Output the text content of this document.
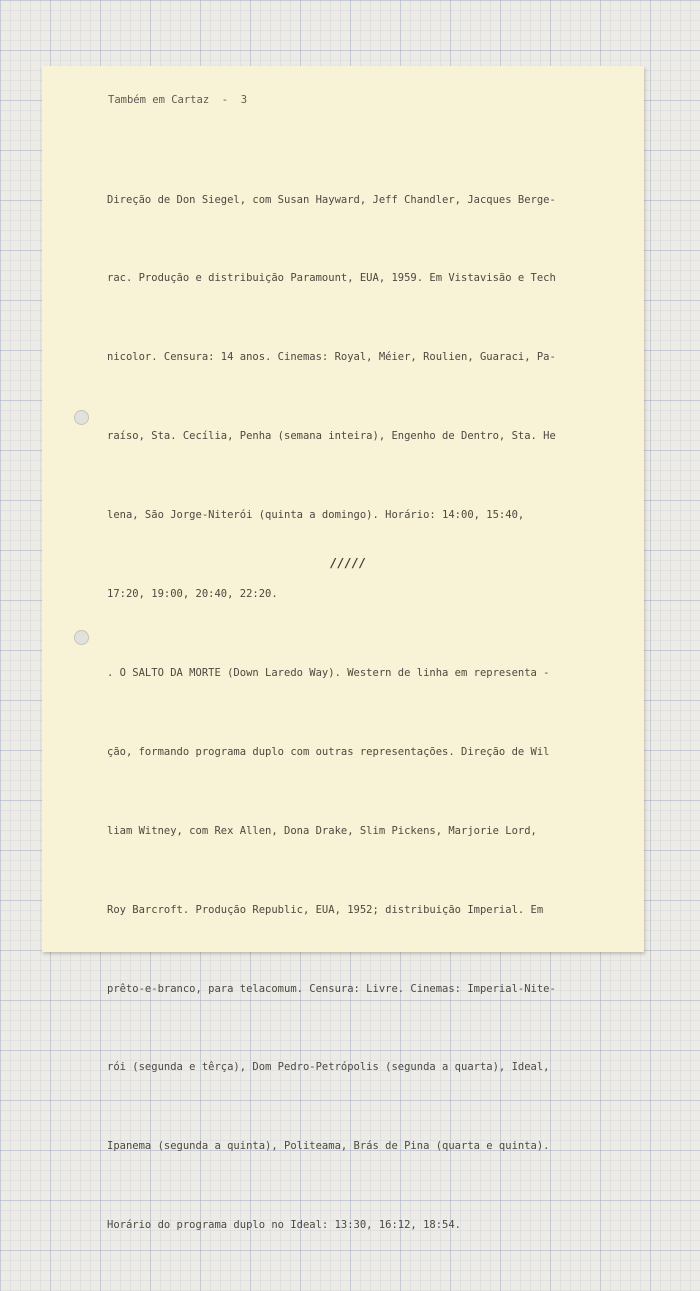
Também em Cartaz  -  3

Direção de Don Siegel, com Susan Hayward, Jeff Chandler, Jacques Berge-

rac. Produção e distribuição Paramount, EUA, 1959. Em Vistavisão e Tech

nicolor. Censura: 14 anos. Cinemas: Royal, Méier, Roulien, Guaraci, Pa-

raíso, Sta. Cecília, Penha (semana inteira), Engenho de Dentro, Sta. He

lena, São Jorge-Niterói (quinta a domingo). Horário: 14:00, 15:40,

17:20, 19:00, 20:40, 22:20.

. O SALTO DA MORTE (Down Laredo Way). Western de linha em representa -

ção, formando programa duplo com outras representações. Direção de Wil

liam Witney, com Rex Allen, Dona Drake, Slim Pickens, Marjorie Lord,

Roy Barcroft. Produção Republic, EUA, 1952; distribuição Imperial. Em

prêto-e-branco, para telacomum. Censura: Livre. Cinemas: Imperial-Nite-

rói (segunda e têrça), Dom Pedro-Petrópolis (segunda a quarta), Ideal,

Ipanema (segunda a quinta), Politeama, Brás de Pina (quarta e quinta).

Horário do programa duplo no Ideal: 13:30, 16:12, 18:54.

/////
